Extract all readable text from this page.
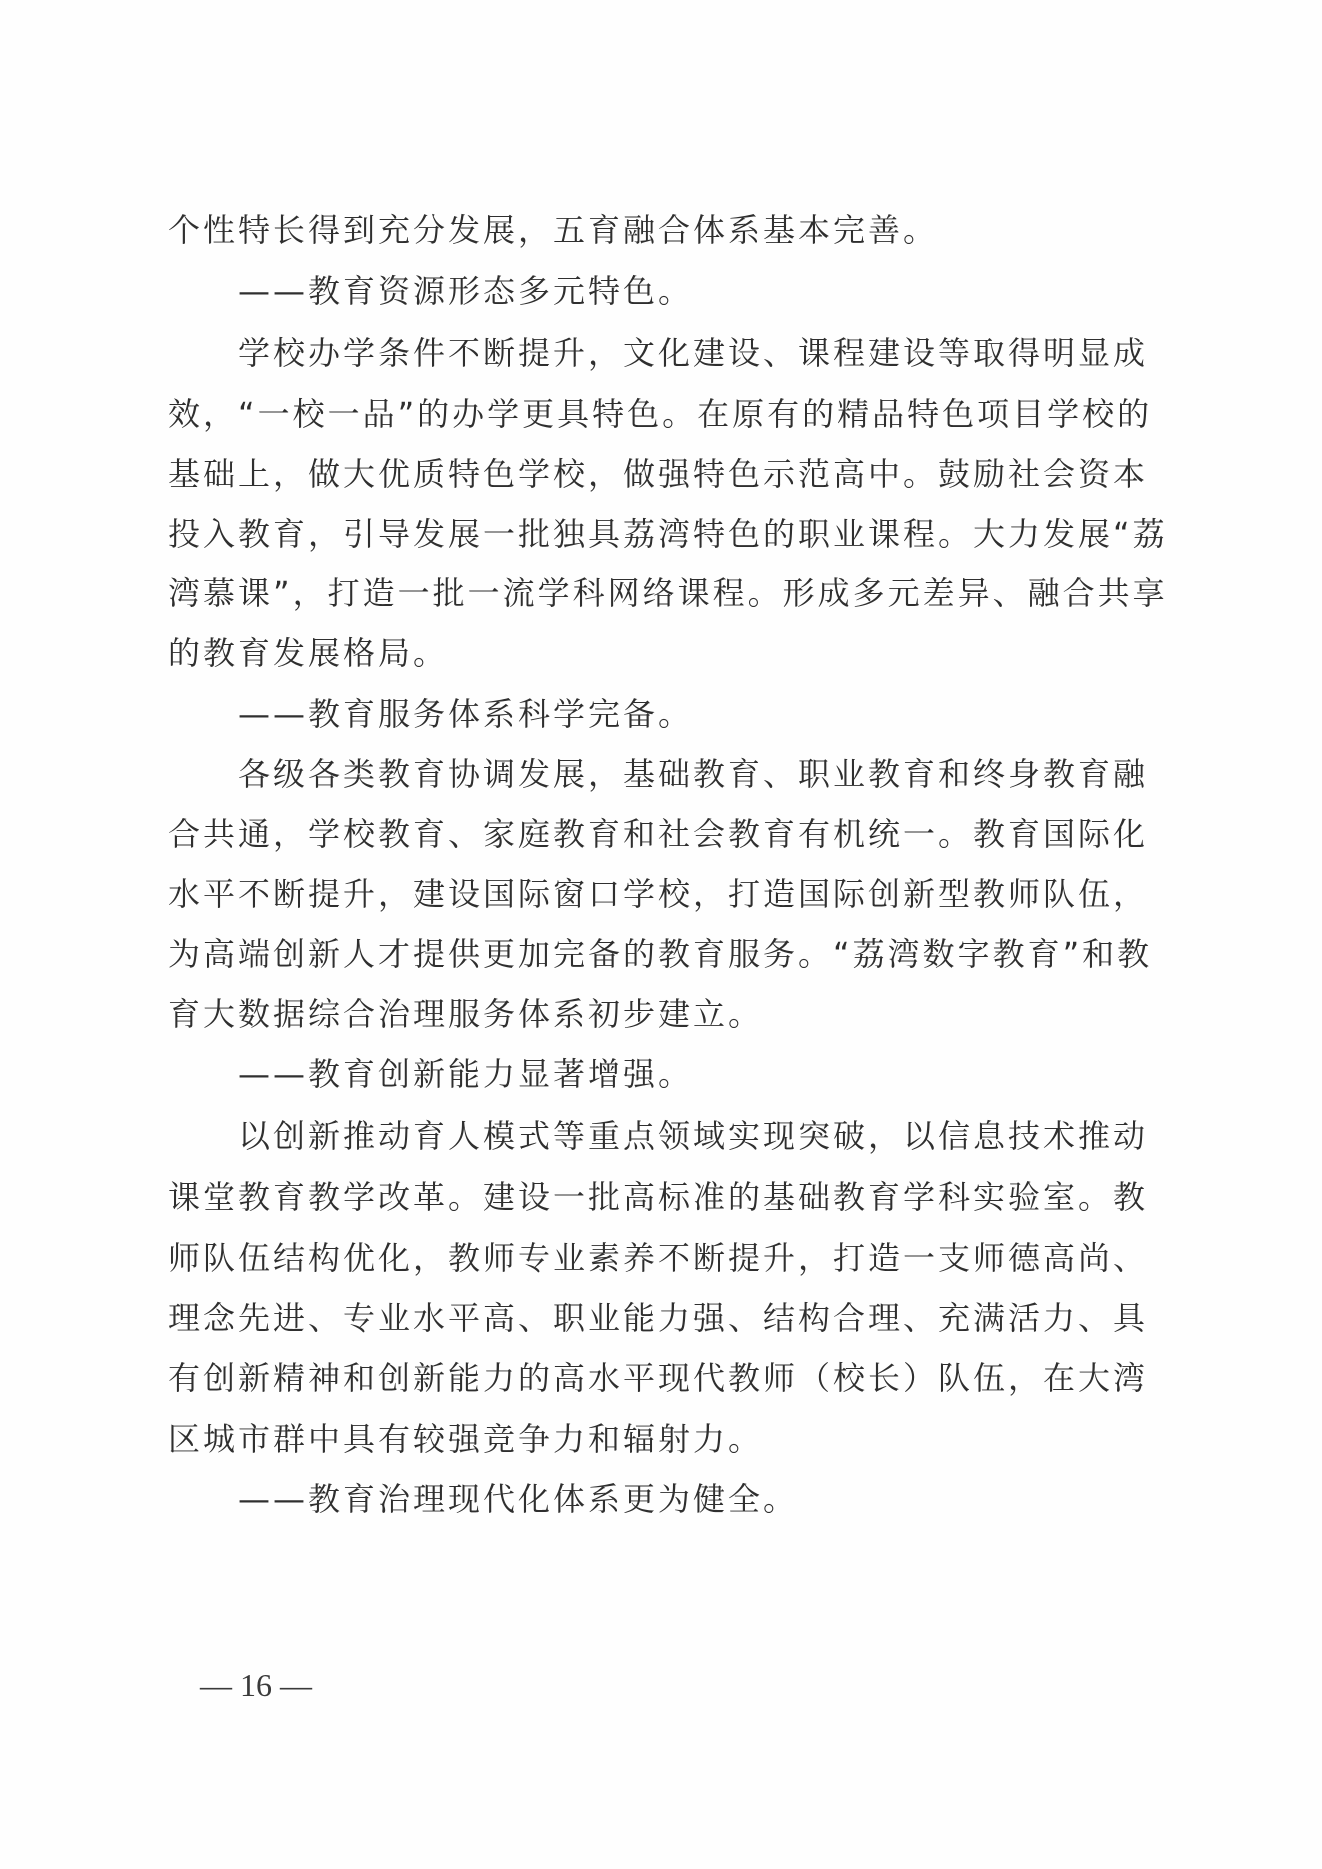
个性特长得到充分发展，五育融合体系基本完善。
——教育资源形态多元特色。
学校办学条件不断提升，文化建设、课程建设等取得明显成
效，“一校一品”的办学更具特色。在原有的精品特色项目学校的
基础上，做大优质特色学校，做强特色示范高中。鼓励社会资本
投入教育，引导发展一批独具荔湾特色的职业课程。大力发展“荔
湾慕课”，打造一批一流学科网络课程。形成多元差异、融合共享
的教育发展格局。
——教育服务体系科学完备。
各级各类教育协调发展，基础教育、职业教育和终身教育融
合共通，学校教育、家庭教育和社会教育有机统一。教育国际化
水平不断提升，建设国际窗口学校，打造国际创新型教师队伍，
为高端创新人才提供更加完备的教育服务。“荔湾数字教育”和教
育大数据综合治理服务体系初步建立。
——教育创新能力显著增强。
以创新推动育人模式等重点领域实现突破，以信息技术推动
课堂教育教学改革。建设一批高标准的基础教育学科实验室。教
师队伍结构优化，教师专业素养不断提升，打造一支师德高尚、
理念先进、专业水平高、职业能力强、结构合理、充满活力、具
有创新精神和创新能力的高水平现代教师（校长）队伍，在大湾
区城市群中具有较强竞争力和辐射力。
——教育治理现代化体系更为健全。
— 16 —
